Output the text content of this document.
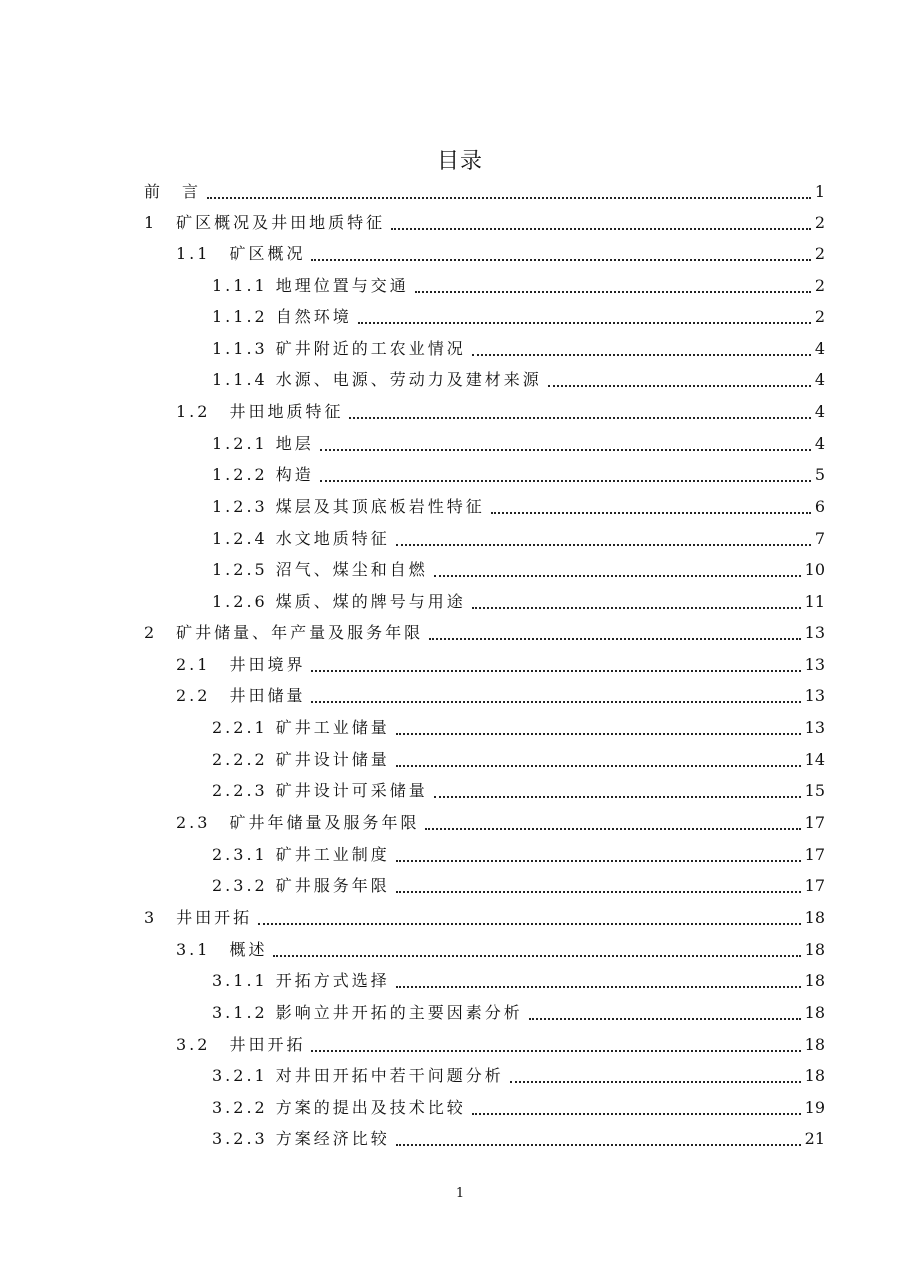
目录
前　言	1
1　矿区概况及井田地质特征	2
1.1　矿区概况	2
1.1.1 地理位置与交通	2
1.1.2 自然环境	2
1.1.3 矿井附近的工农业情况	4
1.1.4 水源、电源、劳动力及建材来源	4
1.2　井田地质特征	4
1.2.1 地层	4
1.2.2 构造	5
1.2.3 煤层及其顶底板岩性特征	6
1.2.4 水文地质特征	7
1.2.5 沼气、煤尘和自燃	10
1.2.6 煤质、煤的牌号与用途	11
2　矿井储量、年产量及服务年限	13
2.1　井田境界	13
2.2　井田储量	13
2.2.1 矿井工业储量	13
2.2.2 矿井设计储量	14
2.2.3 矿井设计可采储量	15
2.3　矿井年储量及服务年限	17
2.3.1 矿井工业制度	17
2.3.2 矿井服务年限	17
3　井田开拓	18
3.1　概述	18
3.1.1 开拓方式选择	18
3.1.2 影响立井开拓的主要因素分析	18
3.2　井田开拓	18
3.2.1 对井田开拓中若干问题分析	18
3.2.2 方案的提出及技术比较	19
3.2.3 方案经济比较	21
1
